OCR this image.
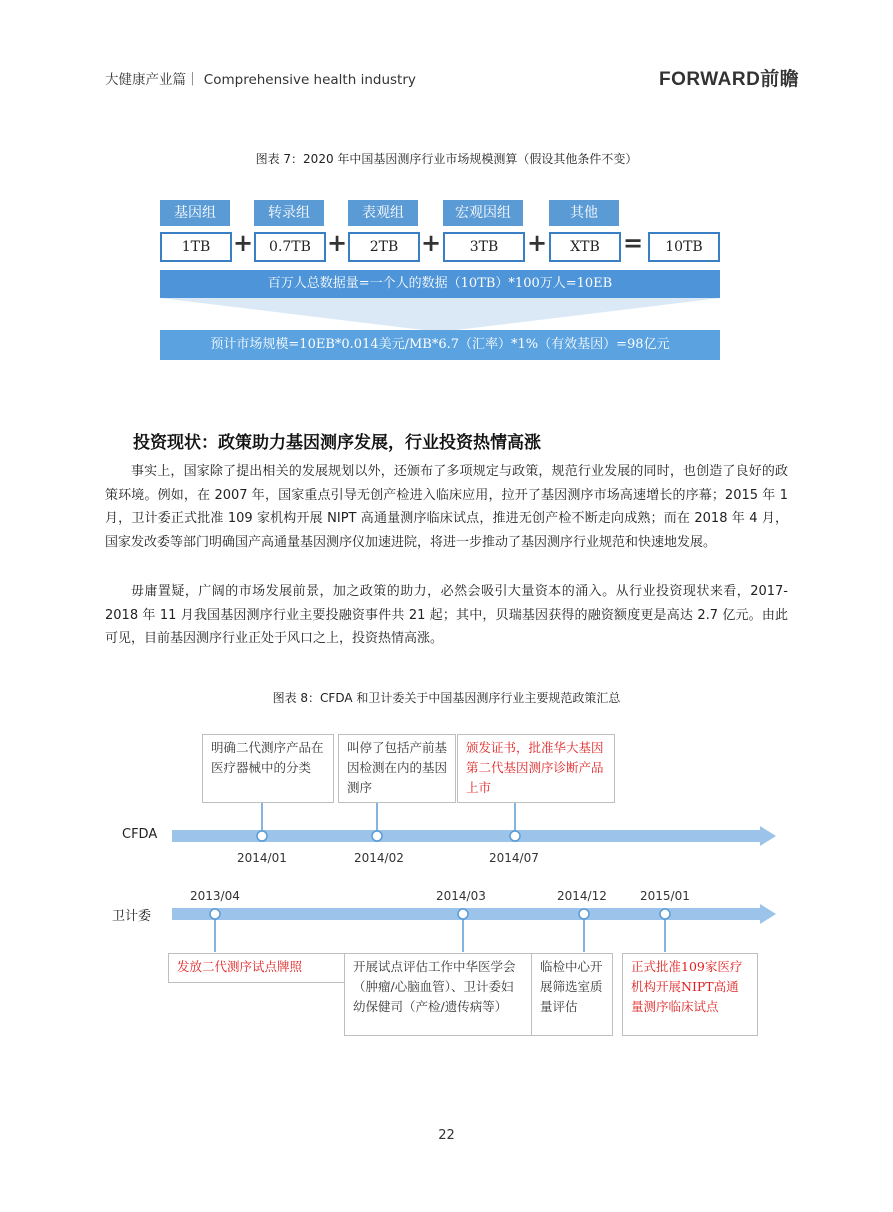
大健康产业篇｜ Comprehensive health industry	FORWARD前瞻
图表 7：2020 年中国基因测序行业市场规模测算（假设其他条件不变）
基因组	转录组	表观组	宏观因组	其他
1TB +	0.7TB +	2TB +	3TB	+	XTB =	10TB
百万人总数据量=一个人的数据（10TB）*100万人=10EB
预计市场规模=10EB*0.014美元/MB*6.7（汇率）*1%（有效基因）=98亿元
投资现状：政策助力基因测序发展，行业投资热情高涨

事实上，国家除了提出相关的发展规划以外，还颁布了多项规定与政策，规范行业发展的同时，也创造了良好的政策环境。例如，在 2007 年，国家重点引导无创产检进入临床应用，拉开了基因测序市场高速增长的序幕；2015 年 1 月，卫计委正式批准 109 家机构开展 NIPT 高通量测序临床试点，推进无创产检不断走向成熟；而在 2018 年 4 月，国家发改委等部门明确国产高通量基因测序仪加速进院，将进一步推动了基因测序行业规范和快速地发展。

毋庸置疑，广阔的市场发展前景，加之政策的助力，必然会吸引大量资本的涌入。从行业投资现状来看，2017-2018 年 11 月我国基因测序行业主要投融资事件共 21 起；其中，贝瑞基因获得的融资额度更是高达 2.7 亿元。由此可见，目前基因测序行业正处于风口之上，投资热情高涨。

图表 8：CFDA 和卫计委关于中国基因测序行业主要规范政策汇总
CFDA
卫计委
明确二代测序产品在医疗器械中的分类
叫停了包括产前基因检测在内的基因测序
颁发证书，批准华大基因第二代基因测序诊断产品上市
2014/01	2014/02	2014/07
2013/04	2014/03	2014/12	2015/01
发放二代测序试点牌照	开展试点评估工作中华医学会（肿瘤/心脑血管）、卫计委妇幼保健司（产检/遗传病等）
临检中心开展筛选室质量评估
正式批准109家医疗机构开展NIPT高通量测序临床试点
22
